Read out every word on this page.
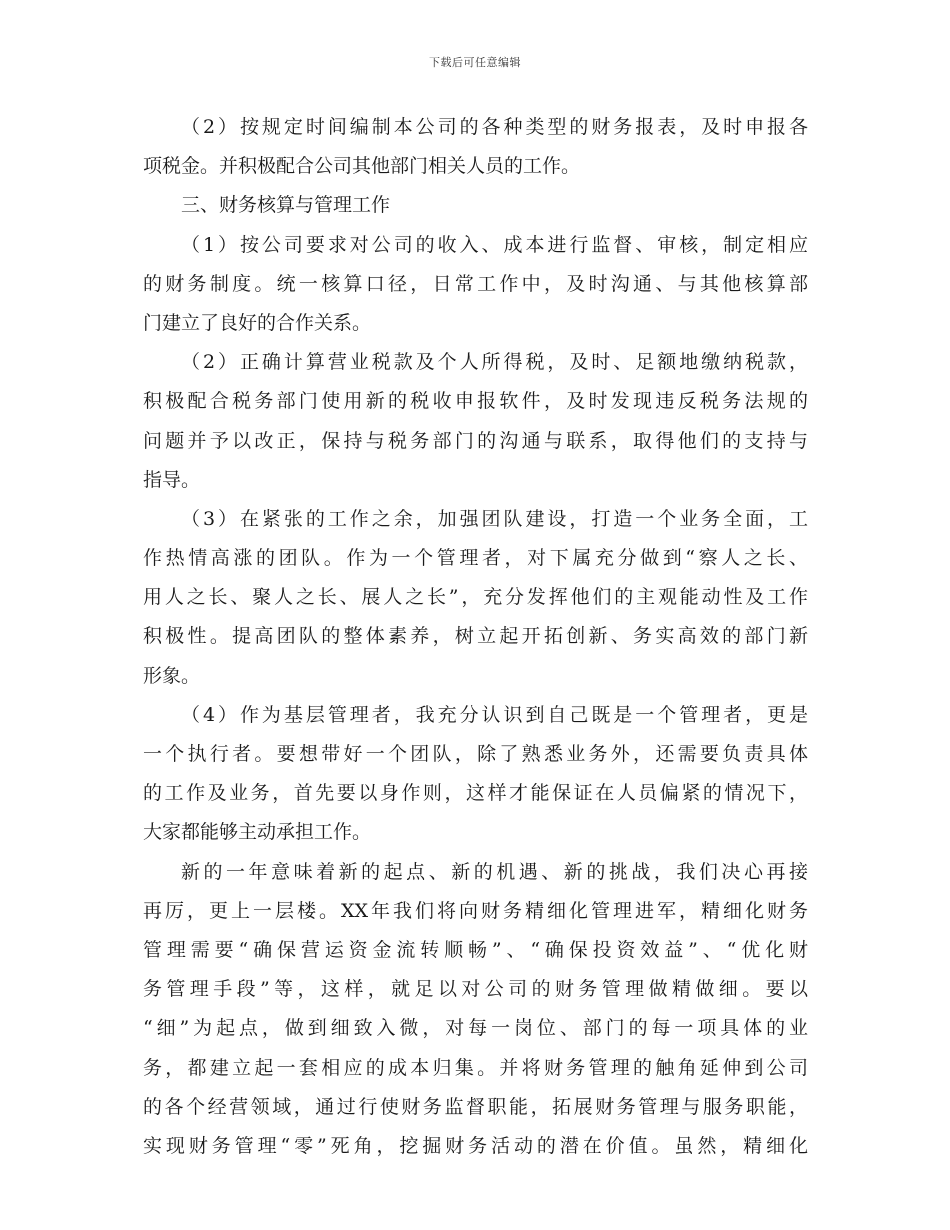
下载后可任意编辑
（2）按规定时间编制本公司的各种类型的财务报表，及时申报各
项税金。并积极配合公司其他部门相关人员的工作。
三、财务核算与管理工作
（1）按公司要求对公司的收入、成本进行监督、审核，制定相应
的财务制度。统一核算口径，日常工作中，及时沟通、与其他核算部
门建立了良好的合作关系。
（2）正确计算营业税款及个人所得税，及时、足额地缴纳税款，
积极配合税务部门使用新的税收申报软件，及时发现违反税务法规的
问题并予以改正，保持与税务部门的沟通与联系，取得他们的支持与
指导。
（3）在紧张的工作之余，加强团队建设，打造一个业务全面，工
作热情高涨的团队。作为一个管理者，对下属充分做到“察人之长、
用人之长、聚人之长、展人之长”，充分发挥他们的主观能动性及工作
积极性。提高团队的整体素养，树立起开拓创新、务实高效的部门新
形象。
（4）作为基层管理者，我充分认识到自己既是一个管理者，更是
一个执行者。要想带好一个团队，除了熟悉业务外，还需要负责具体
的工作及业务，首先要以身作则，这样才能保证在人员偏紧的情况下，
大家都能够主动承担工作。
新的一年意味着新的起点、新的机遇、新的挑战，我们决心再接
再厉，更上一层楼。XX年我们将向财务精细化管理进军，精细化财务
管理需要“确保营运资金流转顺畅”、“确保投资效益”、“优化财
务管理手段”等，这样，就足以对公司的财务管理做精做细。要以
“细”为起点，做到细致入微，对每一岗位、部门的每一项具体的业
务，都建立起一套相应的成本归集。并将财务管理的触角延伸到公司
的各个经营领域，通过行使财务监督职能，拓展财务管理与服务职能，
实现财务管理“零”死角，挖掘财务活动的潜在价值。虽然，精细化
